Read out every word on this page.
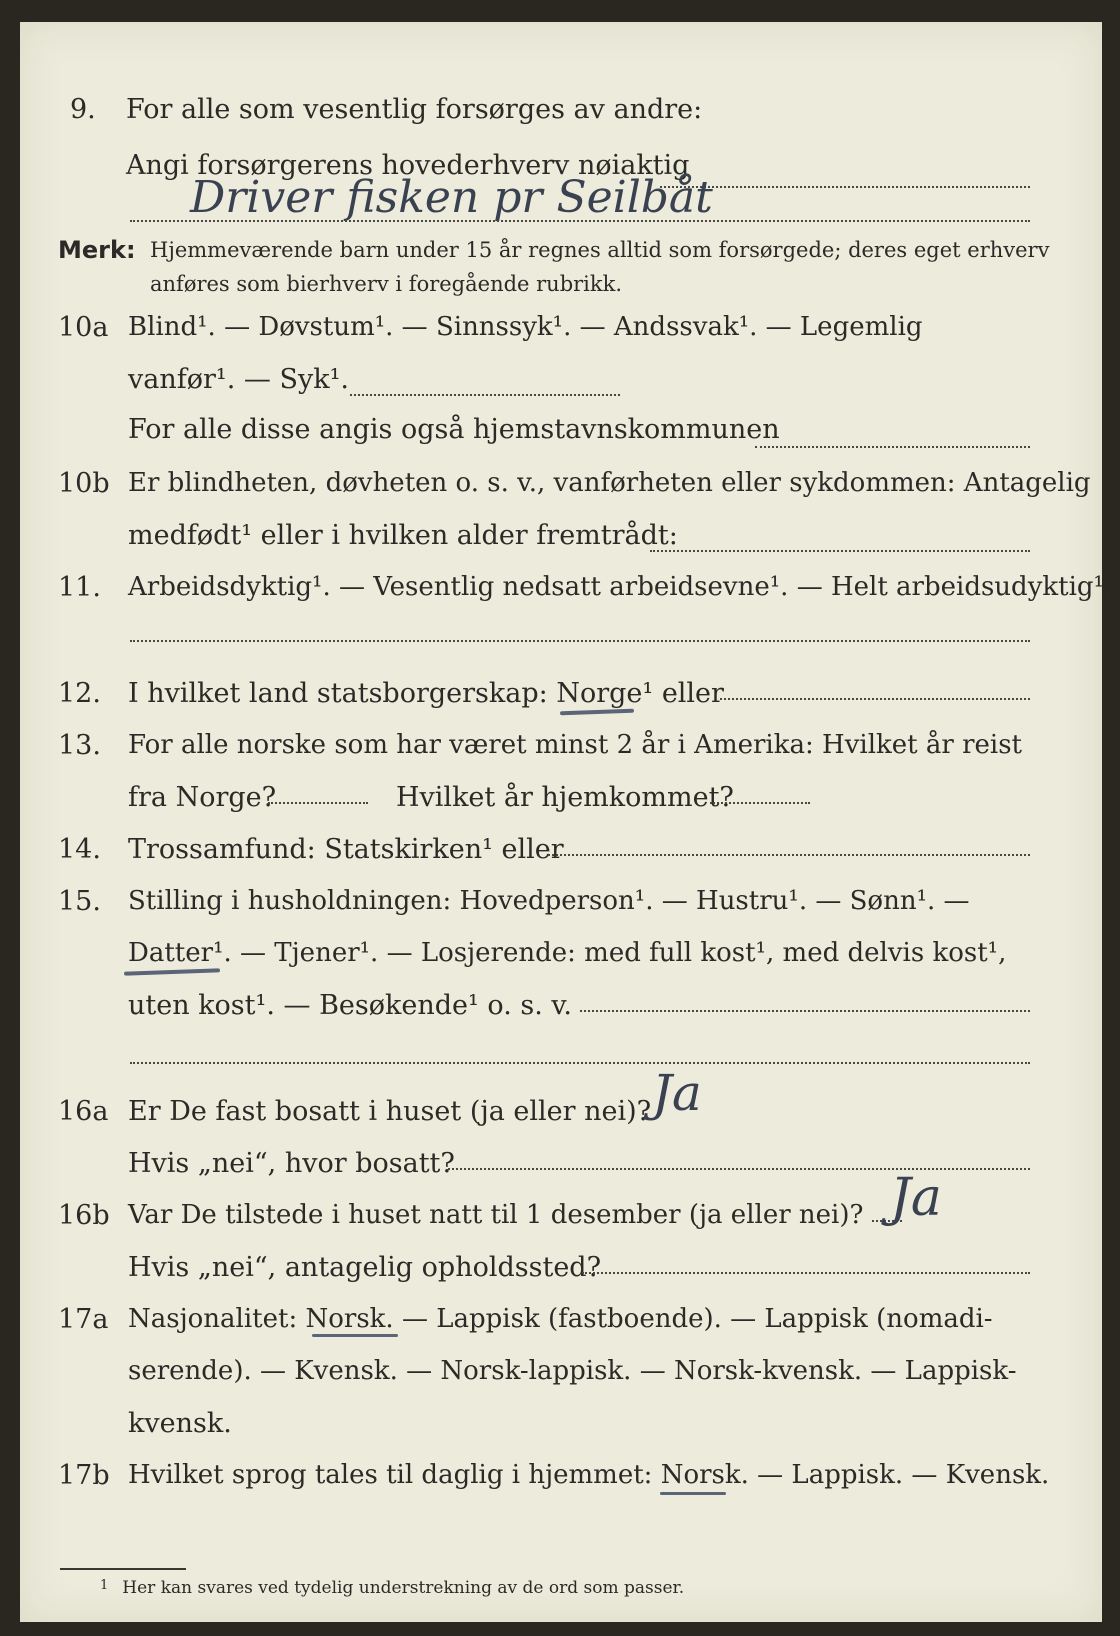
9. For alle som vesentlig forsørges av andre:
Angi forsørgerens hovederhverv nøiaktig
Driver fisken pr Seilbåt
Merk: Hjemmeværende barn under 15 år regnes alltid som forsørgede; deres eget erhverv
anføres som bierhverv i foregående rubrikk.
10a Blind¹. — Døvstum¹. — Sinnssyk¹. — Andssvak¹. — Legemlig
vanfør¹. — Syk¹.
For alle disse angis også hjemstavnskommunen
10b Er blindheten, døvheten o. s. v., vanførheten eller sykdommen: Antagelig
medfødt¹ eller i hvilken alder fremtrådt:
11. Arbeidsdyktig¹. — Vesentlig nedsatt arbeidsevne¹. — Helt arbeidsudyktig¹.
12. I hvilket land statsborgerskap: Norge¹ eller
13. For alle norske som har været minst 2 år i Amerika: Hvilket år reist
fra Norge?	Hvilket år hjemkommet?
14. Trossamfund: Statskirken¹ eller
15. Stilling i husholdningen: Hovedperson¹. — Hustru¹. — Sønn¹. —
Datter¹. — Tjener¹. — Losjerende: med full kost¹, med delvis kost¹,
uten kost¹. — Besøkende¹ o. s. v.
16a Er De fast bosatt i huset (ja eller nei)? Ja
Hvis „nei“, hvor bosatt?
16b Var De tilstede i huset natt til 1 desember (ja eller nei)? Ja
Hvis „nei“, antagelig opholdssted?
17a Nasjonalitet: Norsk. — Lappisk (fastboende). — Lappisk (nomadi-
serende). — Kvensk. — Norsk-lappisk. — Norsk-kvensk. — Lappisk-
kvensk.
17b Hvilket sprog tales til daglig i hjemmet: Norsk. — Lappisk. — Kvensk.
$^1$ Her kan svares ved tydelig understrekning av de ord som passer.
